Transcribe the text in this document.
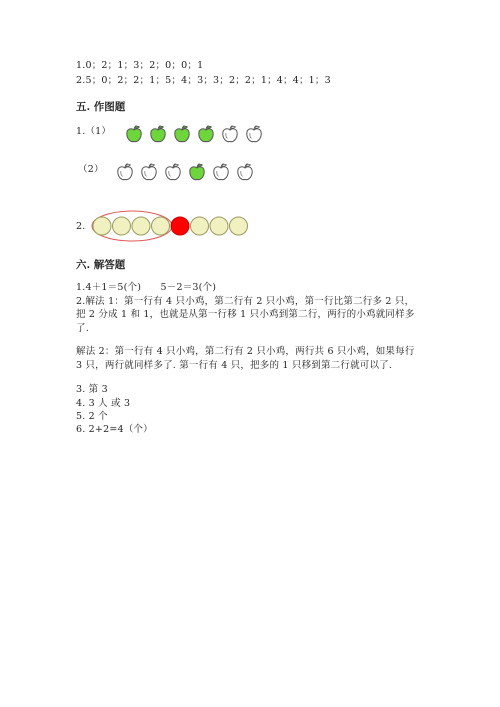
1.0；2；1；3；2；0；0；1
2.5；0；2；2；1；5；4；3；3；2；2；1；4；4；1；3
五. 作图题
1.（1）
（2）
2.
六. 解答题
1.4＋1＝5(个)　　5－2＝3(个)
2.解法 1：第一行有 4 只小鸡，第二行有 2 只小鸡，第一行比第二行多 2 只，
把 2 分成 1 和 1，也就是从第一行移 1 只小鸡到第二行，两行的小鸡就同样多
了.
解法 2：第一行有 4 只小鸡，第二行有 2 只小鸡，两行共 6 只小鸡，如果每行
3 只，两行就同样多了. 第一行有 4 只，把多的 1 只移到第二行就可以了.
3. 第 3
4. 3 人 或 3
5. 2 个
6. 2+2=4（个）
